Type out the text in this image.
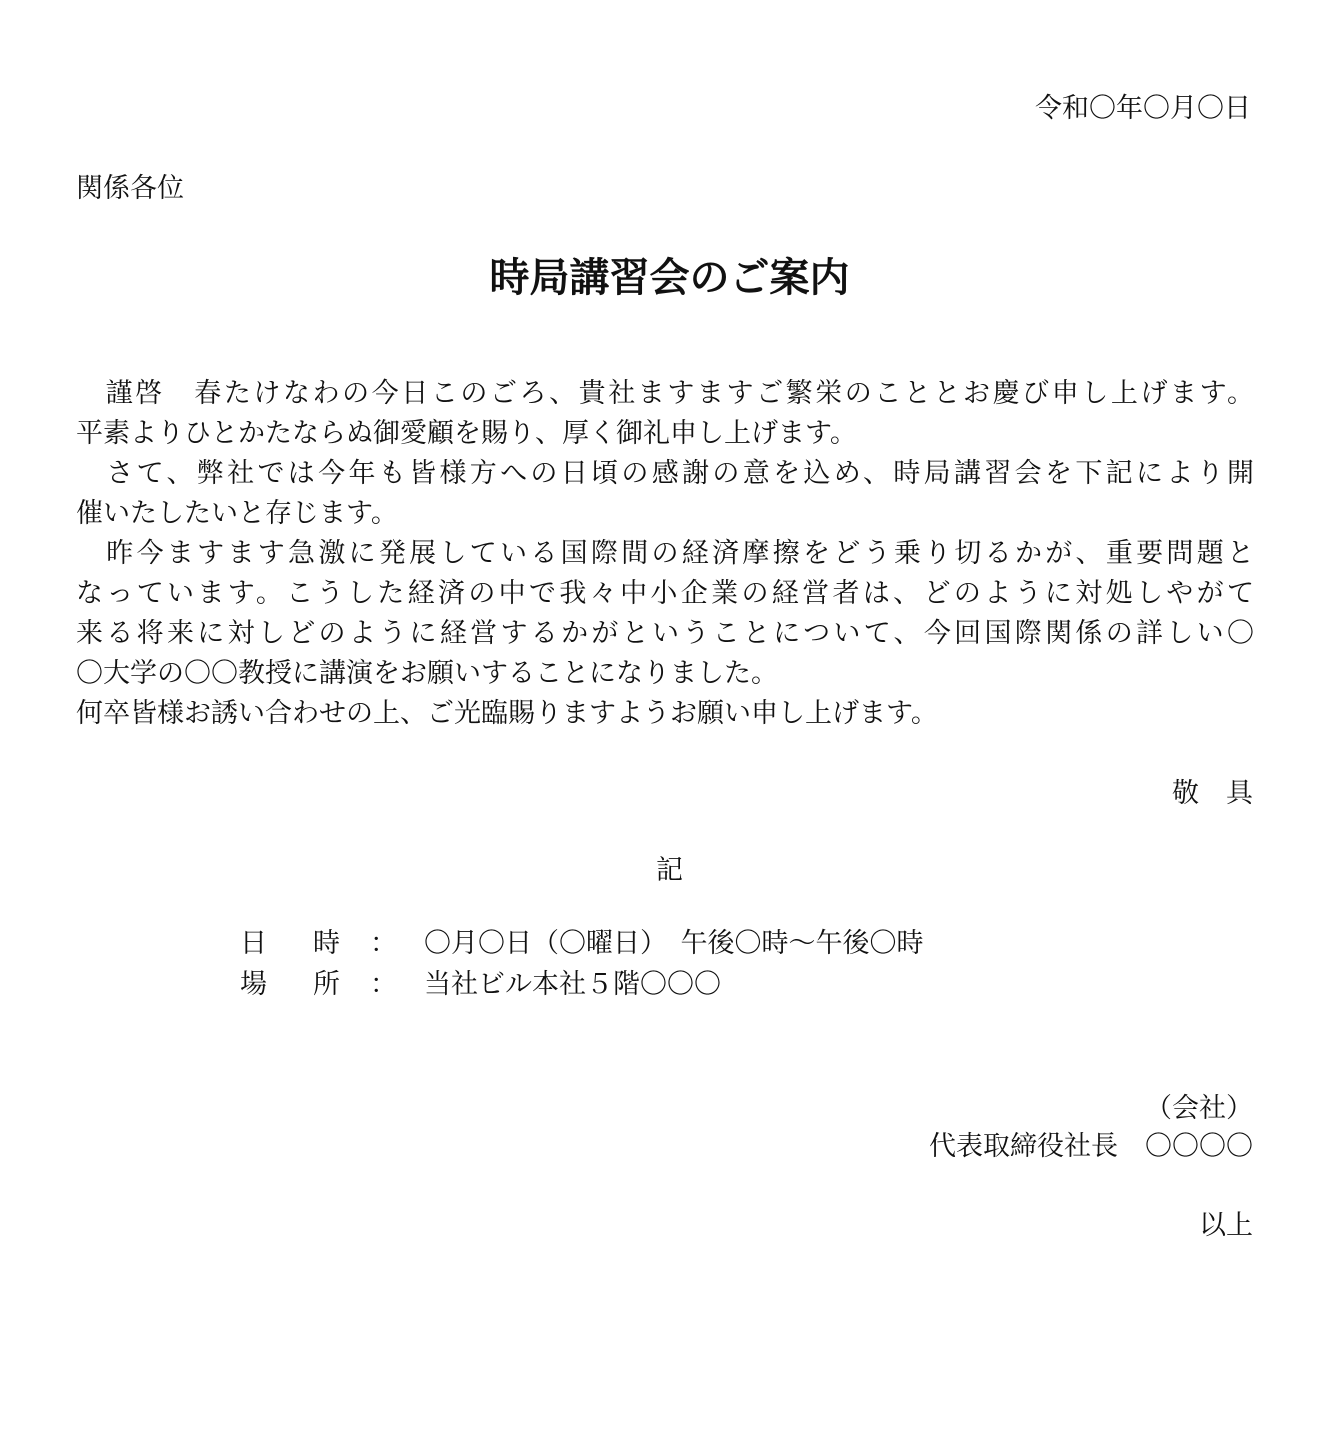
令和〇年〇月〇日
関係各位
時局講習会のご案内
　謹啓　春たけなわの今日このごろ、貴社ますますご繁栄のこととお慶び申し上げます。
平素よりひとかたならぬ御愛顧を賜り、厚く御礼申し上げます。
　さて、弊社では今年も皆様方への日頃の感謝の意を込め、時局講習会を下記により開
催いたしたいと存じます。
　昨今ますます急激に発展している国際間の経済摩擦をどう乗り切るかが、重要問題と
なっています。こうした経済の中で我々中小企業の経営者は、どのように対処しやがて
来る将来に対しどのように経営するかがということについて、今回国際関係の詳しい〇
〇大学の〇〇教授に講演をお願いすることになりました。
何卒皆様お誘い合わせの上、ご光臨賜りますようお願い申し上げます。
敬　具
記
日時 ： 〇月〇日（〇曜日）　午後〇時～午後〇時
場所 ： 当社ビル本社５階〇〇〇
（会社）
代表取締役社長　〇〇〇〇
以上
